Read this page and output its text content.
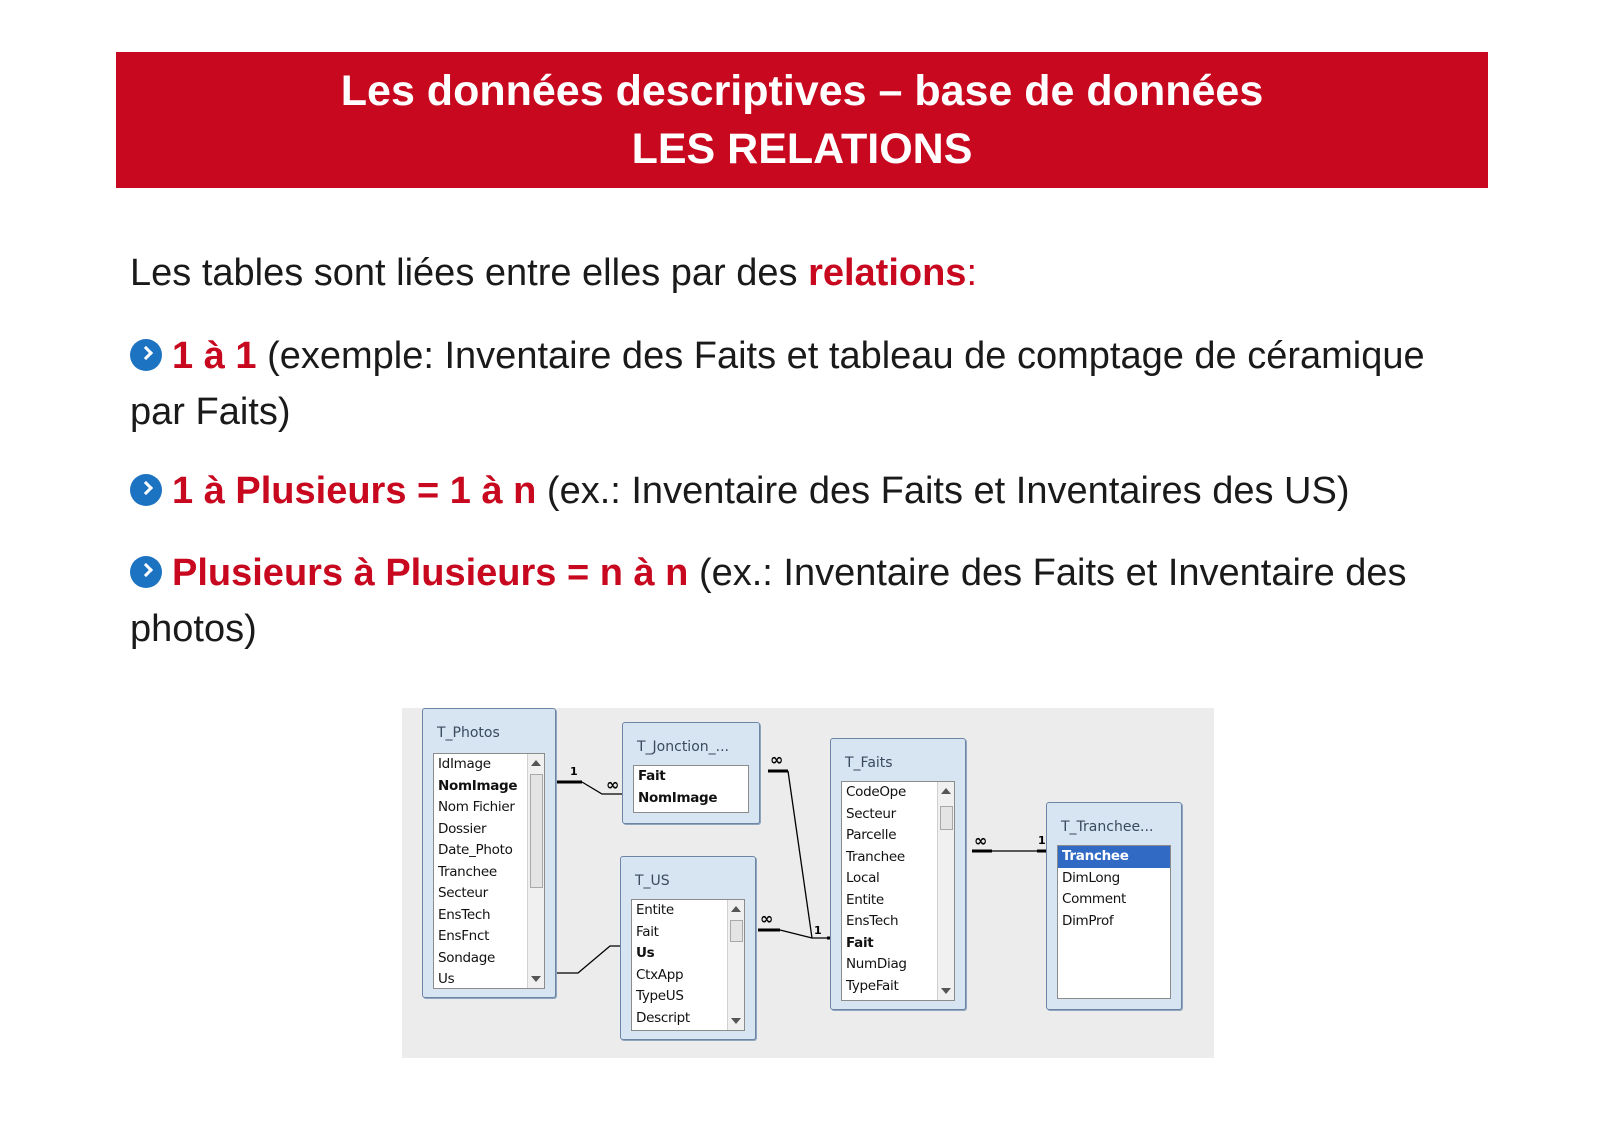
Les données descriptives – base de données
LES RELATIONS
Les tables sont liées entre elles par des relations:
1 à 1 (exemple: Inventaire des Faits et tableau de comptage de céramique par Faits)
1 à Plusieurs = 1 à n (ex.: Inventaire des Faits et Inventaires des US)
Plusieurs à Plusieurs = n à n (ex.: Inventaire des Faits et Inventaire des photos)
1
∞
∞
∞
1
∞	1
T_Photos
IdImage
NomImage
Nom Fichier
Dossier
Date_Photo
Tranchee
Secteur
EnsTech
EnsFnct
Sondage
Us
T_Jonction_...
Fait
NomImage
T_US
Entite
Fait
Us
CtxApp
TypeUS
Descript
T_Faits
CodeOpe
Secteur
Parcelle
Tranchee
Local
Entite
EnsTech
Fait
NumDiag
TypeFait
T_Tranchee...
Tranchee
DimLong
Comment
DimProf
